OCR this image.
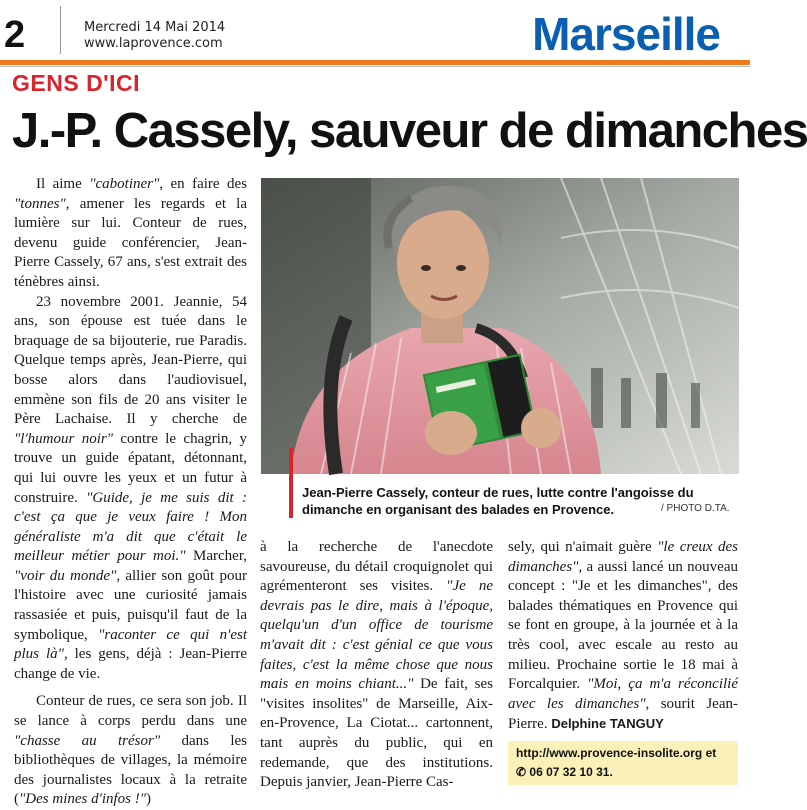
2	Mercredi 14 Mai 2014
www.laprovence.com	Marseille
GENS D'ICI
J.-P. Cassely, sauveur de dimanches

Il aime "cabotiner", en faire des "tonnes", amener les regards et la lumière sur lui. Conteur de rues, devenu guide conférencier, Jean-Pierre Cassely, 67 ans, s'est extrait des ténèbres ainsi.

23 novembre 2001. Jeannie, 54 ans, son épouse est tuée dans le braquage de sa bijouterie, rue Paradis. Quelque temps après, Jean-Pierre, qui bosse alors dans l'audiovisuel, emmène son fils de 20 ans visiter le Père Lachaise. Il y cherche de "l'humour noir" contre le chagrin, y trouve un guide épatant, détonnant, qui lui ouvre les yeux et un futur à construire. "Guide, je me suis dit : c'est ça que je veux faire ! Mon généraliste m'a dit que c'était le meilleur métier pour moi." Marcher, "voir du monde", allier son goût pour l'histoire avec une curiosité jamais rassasiée et puis, puisqu'il faut de la symbolique, "raconter ce qui n'est plus là", les gens, déjà : Jean-Pierre change de vie.

Conteur de rues, ce sera son job. Il se lance à corps perdu dans une "chasse au trésor" dans les bibliothèques de villages, la mémoire des journalistes locaux à la retraite ("Des mines d'infos !")

Jean-Pierre Cassely, conteur de rues, lutte contre l'angoisse du dimanche en organisant des balades en Provence.	/ PHOTO D.TA.

à la recherche de l'anecdote savoureuse, du détail croquignolet qui agrémenteront ses visites. "Je ne devrais pas le dire, mais à l'époque, quelqu'un d'un office de tourisme m'avait dit : c'est génial ce que vous faites, c'est la même chose que nous mais en moins chiant..." De fait, ses "visites insolites" de Marseille, Aix-en-Provence, La Ciotat... cartonnent, tant auprès du public, qui en redemande, que des institutions. Depuis janvier, Jean-Pierre Cas-

sely, qui n'aimait guère "le creux des dimanches", a aussi lancé un nouveau concept : "Je et les dimanches", des balades thématiques en Provence qui se font en groupe, à la journée et à la très cool, avec escale au resto au milieu. Prochaine sortie le 18 mai à Forcalquier. "Moi, ça m'a réconcilié avec les dimanches", sourit Jean-Pierre. Delphine TANGUY

http://www.provence-insolite.org et
✆ 06 07 32 10 31.
